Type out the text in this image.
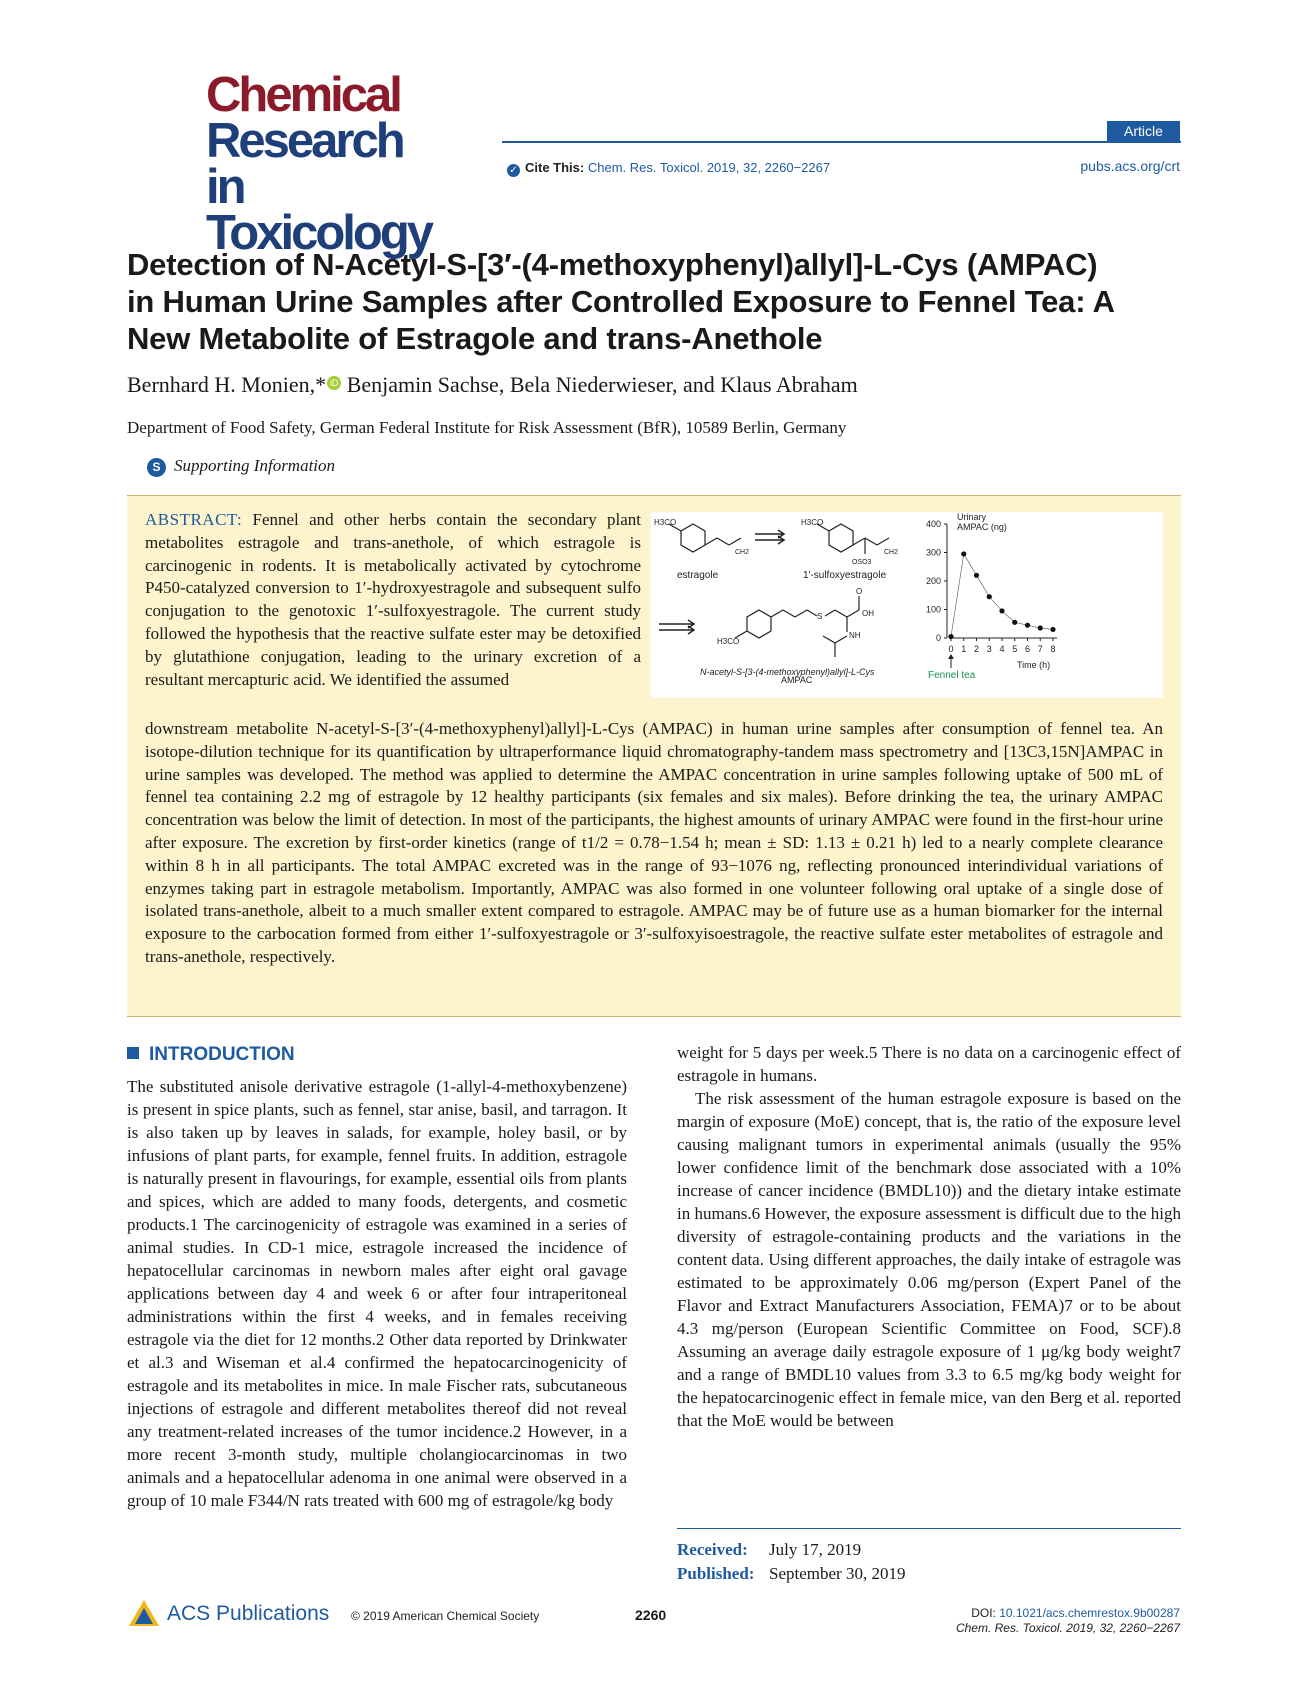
Chemical
Research in
Toxicology
Article
✓ Cite This: Chem. Res. Toxicol. 2019, 32, 2260−2267	pubs.acs.org/crt
Detection of N-Acetyl-S-[3′-(4-methoxyphenyl)allyl]-L-Cys (AMPAC)
in Human Urine Samples after Controlled Exposure to Fennel Tea: A
New Metabolite of Estragole and trans-Anethole
Bernhard H. Monien,* iD Benjamin Sachse, Bela Niederwieser, and Klaus Abraham
Department of Food Safety, German Federal Institute for Risk Assessment (BfR), 10589 Berlin, Germany
S Supporting Information
ABSTRACT: Fennel and other herbs contain the secondary plant metabolites estragole and trans-anethole, of which estragole is carcinogenic in rodents. It is metabolically activated by cytochrome P450-catalyzed conversion to 1′-hydroxyestragole and subsequent sulfo conjugation to the genotoxic 1′-sulfoxyestragole. The current study followed the hypothesis that the reactive sulfate ester may be detoxified by glutathione conjugation, leading to the urinary excretion of a resultant mercapturic acid. We identified the assumed
downstream metabolite N-acetyl-S-[3′-(4-methoxyphenyl)allyl]-L-Cys (AMPAC) in human urine samples after consumption of fennel tea. An isotope-dilution technique for its quantification by ultraperformance liquid chromatography-tandem mass spectrometry and [13C3,15N]AMPAC in urine samples was developed. The method was applied to determine the AMPAC concentration in urine samples following uptake of 500 mL of fennel tea containing 2.2 mg of estragole by 12 healthy participants (six females and six males). Before drinking the tea, the urinary AMPAC concentration was below the limit of detection. In most of the participants, the highest amounts of urinary AMPAC were found in the first-hour urine after exposure. The excretion by first-order kinetics (range of t1/2 = 0.78−1.54 h; mean ± SD: 1.13 ± 0.21 h) led to a nearly complete clearance within 8 h in all participants. The total AMPAC excreted was in the range of 93−1076 ng, reflecting pronounced interindividual variations of enzymes taking part in estragole metabolism. Importantly, AMPAC was also formed in one volunteer following oral uptake of a single dose of isolated trans-anethole, albeit to a much smaller extent compared to estragole. AMPAC may be of future use as a human biomarker for the internal exposure to the carbocation formed from either 1′-sulfoxyestragole or 3′-sulfoxyisoestragole, the reactive sulfate ester metabolites of estragole and trans-anethole, respectively.
H3CO
CH2
estragole
H3CO
CH2
OSO3
1′-sulfoxyestragole
H3CO
S
O
OH
NH
N-acetyl-S-[3-(4-methoxyphenyl)allyl]-L-Cys
AMPAC
0
100
200
300
400
0 1 2 3 4 5 6 7 8
Urinary
AMPAC (ng)
Time (h)
Fennel tea
INTRODUCTION

The substituted anisole derivative estragole (1-allyl-4-methoxybenzene) is present in spice plants, such as fennel, star anise, basil, and tarragon. It is also taken up by leaves in salads, for example, holey basil, or by infusions of plant parts, for example, fennel fruits. In addition, estragole is naturally present in flavourings, for example, essential oils from plants and spices, which are added to many foods, detergents, and cosmetic products.1 The carcinogenicity of estragole was examined in a series of animal studies. In CD-1 mice, estragole increased the incidence of hepatocellular carcinomas in newborn males after eight oral gavage applications between day 4 and week 6 or after four intraperitoneal administrations within the first 4 weeks, and in females receiving estragole via the diet for 12 months.2 Other data reported by Drinkwater et al.3 and Wiseman et al.4 confirmed the hepatocarcinogenicity of estragole and its metabolites in mice. In male Fischer rats, subcutaneous injections of estragole and different metabolites thereof did not reveal any treatment-related increases of the tumor incidence.2 However, in a more recent 3-month study, multiple cholangiocarcinomas in two animals and a hepatocellular adenoma in one animal were observed in a group of 10 male F344/N rats treated with 600 mg of estragole/kg body

weight for 5 days per week.5 There is no data on a carcinogenic effect of estragole in humans.

The risk assessment of the human estragole exposure is based on the margin of exposure (MoE) concept, that is, the ratio of the exposure level causing malignant tumors in experimental animals (usually the 95% lower confidence limit of the benchmark dose associated with a 10% increase of cancer incidence (BMDL10)) and the dietary intake estimate in humans.6 However, the exposure assessment is difficult due to the high diversity of estragole-containing products and the variations in the content data. Using different approaches, the daily intake of estragole was estimated to be approximately 0.06 mg/person (Expert Panel of the Flavor and Extract Manufacturers Association, FEMA)7 or to be about 4.3 mg/person (European Scientific Committee on Food, SCF).8 Assuming an average daily estragole exposure of 1 μg/kg body weight7 and a range of BMDL10 values from 3.3 to 6.5 mg/kg body weight for the hepatocarcinogenic effect in female mice, van den Berg et al. reported that the MoE would be between

Received: July 17, 2019
Published: September 30, 2019
ACS Publications © 2019 American Chemical Society	2260	DOI: 10.1021/acs.chemrestox.9b00287
Chem. Res. Toxicol. 2019, 32, 2260−2267
